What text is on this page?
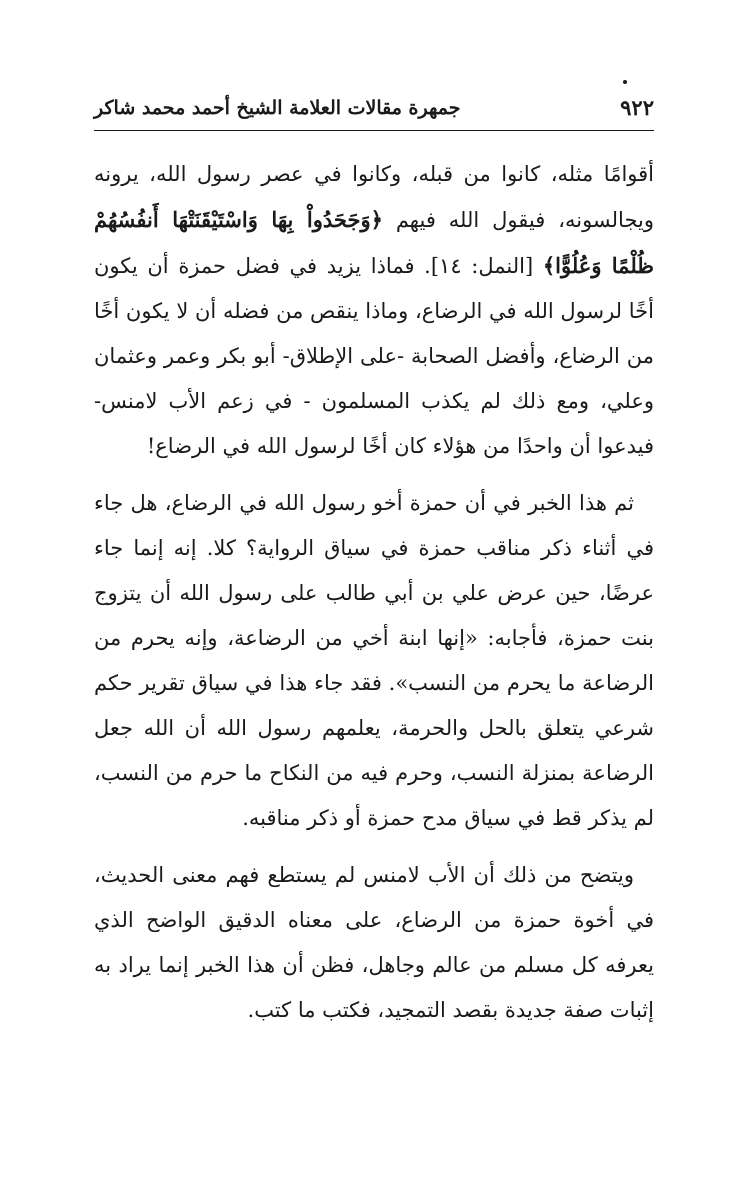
٩٢٢
جمهرة مقالات العلامة الشيخ أحمد محمد شاكر

أقوامًا مثله، كانوا من قبله، وكانوا في عصر رسول الله، يرونه ويجالسونه، فيقول الله فيهم ﴿وَجَحَدُواْ بِهَا وَاسْتَيْقَنَتْهَا أَنفُسُهُمْ ظُلْمًا وَعُلُوًّا﴾ [النمل: ١٤]. فماذا يزيد في فضل حمزة أن يكون أخًا لرسول الله في الرضاع، وماذا ينقص من فضله أن لا يكون أخًا من الرضاع، وأفضل الصحابة -على الإطلاق- أبو بكر وعمر وعثمان وعلي، ومع ذلك لم يكذب المسلمون - في زعم الأب لامنس- فيدعوا أن واحدًا من هؤلاء كان أخًا لرسول الله في الرضاع!

ثم هذا الخبر في أن حمزة أخو رسول الله في الرضاع، هل جاء في أثناء ذكر مناقب حمزة في سياق الرواية؟ كلا. إنه إنما جاء عرضًا، حين عرض علي بن أبي طالب على رسول الله أن يتزوج بنت حمزة، فأجابه: «إنها ابنة أخي من الرضاعة، وإنه يحرم من الرضاعة ما يحرم من النسب». فقد جاء هذا في سياق تقرير حكم شرعي يتعلق بالحل والحرمة، يعلمهم رسول الله أن الله جعل الرضاعة بمنزلة النسب، وحرم فيه من النكاح ما حرم من النسب، لم يذكر قط في سياق مدح حمزة أو ذكر مناقبه.

ويتضح من ذلك أن الأب لامنس لم يستطع فهم معنى الحديث، في أخوة حمزة من الرضاع، على معناه الدقيق الواضح الذي يعرفه كل مسلم من عالم وجاهل، فظن أن هذا الخبر إنما يراد به إثبات صفة جديدة بقصد التمجيد، فكتب ما كتب.
